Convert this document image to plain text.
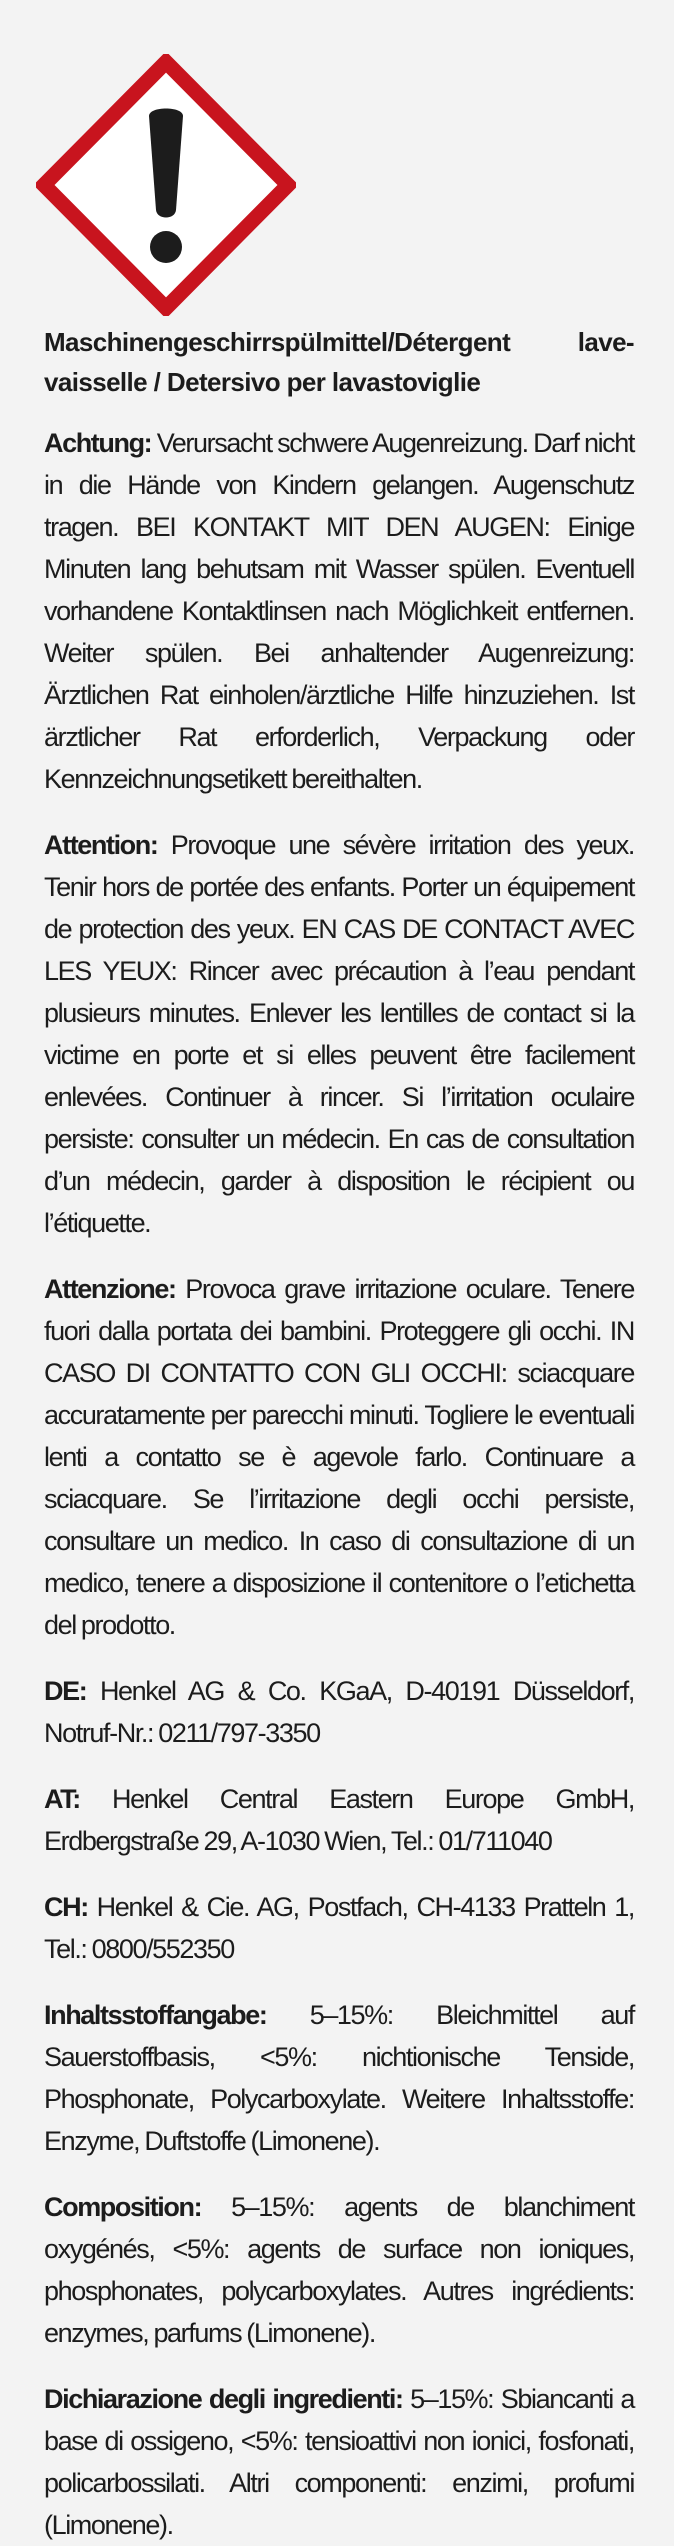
Maschinengeschirrspülmittel/Détergent lave-vaisselle / Detersivo per lavastoviglie

Achtung: Verursacht schwere Augenreizung. Darf nicht in die Hände von Kindern gelangen. Augenschutz tragen. BEI KONTAKT MIT DEN AUGEN: Einige Minuten lang behutsam mit Wasser spülen. Eventuell vorhandene Kontaktlinsen nach Möglichkeit entfernen. Weiter spülen. Bei anhaltender Augenreizung: Ärztlichen Rat einholen/ärztliche Hilfe hinzuziehen. Ist ärztlicher Rat erforderlich, Verpackung oder Kennzeichnungsetikett bereithalten.

Attention: Provoque une sévère irritation des yeux. Tenir hors de portée des enfants. Porter un équipement de protection des yeux. EN CAS DE CONTACT AVEC LES YEUX: Rincer avec précaution à l’eau pendant plusieurs minutes. Enlever les lentilles de contact si la victime en porte et si elles peuvent être facilement enlevées. Continuer à rincer. Si l’irritation oculaire persiste: consulter un médecin. En cas de consultation d’un médecin, garder à disposition le récipient ou l’étiquette.

Attenzione: Provoca grave irritazione oculare. Tenere fuori dalla portata dei bambini. Proteggere gli occhi. IN CASO DI CONTATTO CON GLI OCCHI: sciacquare accuratamente per parecchi minuti. Togliere le eventuali lenti a contatto se è agevole farlo. Continuare a sciacquare. Se l’irritazione degli occhi persiste, consultare un medico. In caso di consultazione di un medico, tenere a disposizione il contenitore o l’etichetta del prodotto.

DE: Henkel AG & Co. KGaA, D-40191 Düsseldorf, Notruf-Nr.: 0211/797-3350

AT: Henkel Central Eastern Europe GmbH, Erdbergstraße 29, A-1030 Wien, Tel.: 01/711040

CH: Henkel & Cie. AG, Postfach, CH-4133 Pratteln 1, Tel.: 0800/552350

Inhaltsstoffangabe: 5–15%: Bleichmittel auf Sauerstoffbasis, <5%: nichtionische Tenside, Phosphonate, Polycarboxylate. Weitere Inhaltsstoffe: Enzyme, Duftstoffe (Limonene).

Composition: 5–15%: agents de blanchiment oxygénés, <5%: agents de surface non ioniques, phosphonates, polycarboxylates. Autres ingrédients: enzymes, parfums (Limonene).

Dichiarazione degli ingredienti: 5–15%: Sbiancanti a base di ossigeno, <5%: tensioattivi non ionici, fosfonati, policarbossilati. Altri componenti: enzimi, profumi (Limonene).
